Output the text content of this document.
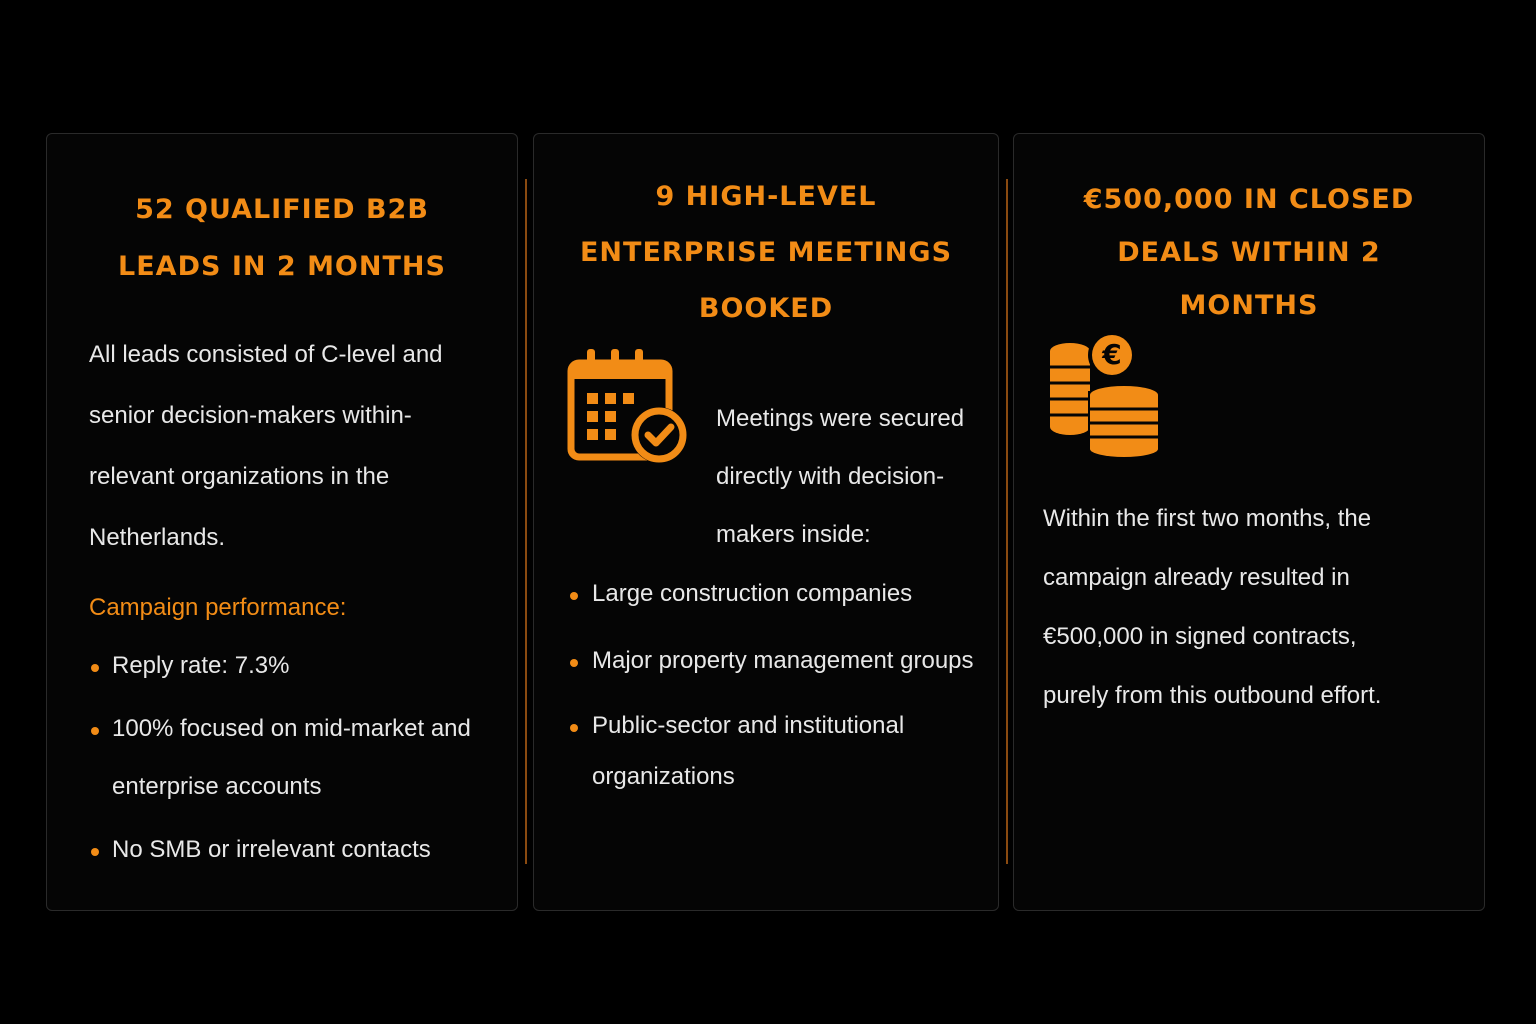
52 QUALIFIED B2B
LEADS IN 2 MONTHS
All leads consisted of C-level and
senior decision-makers within-
relevant organizations in the
Netherlands.
Campaign performance:
Reply rate: 7.3%
100% focused on mid-market and
enterprise accounts
No SMB or irrelevant contacts
9 HIGH-LEVEL
ENTERPRISE MEETINGS
BOOKED
Meetings were secured
directly with decision-
makers inside:
Large construction companies
Major property management groups
Public-sector and institutional
organizations
€500,000 IN CLOSED
DEALS WITHIN 2
MONTHS
€
Within the first two months, the
campaign already resulted in
€500,000 in signed contracts,
purely from this outbound effort.
